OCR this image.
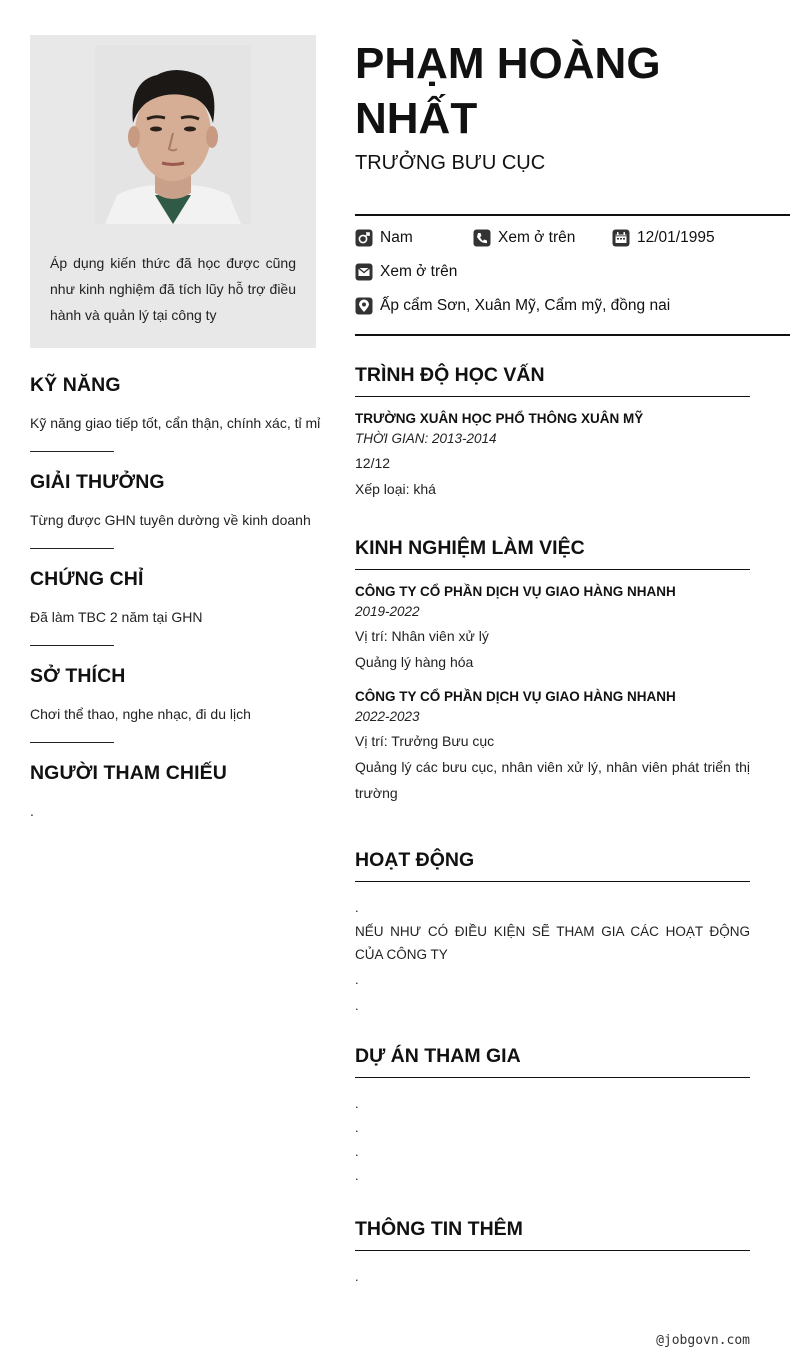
Áp dụng kiến thức đã học được cũng như kinh nghiệm đã tích lũy hỗ trợ điều hành và quản lý tại công ty
KỸ NĂNG
Kỹ năng giao tiếp tốt, cẩn thận, chính xác, tỉ mỉ
GIẢI THƯỞNG
Từng được GHN tuyên dường về kinh doanh
CHỨNG CHỈ
Đã làm TBC 2 năm tại GHN
SỞ THÍCH
Chơi thể thao, nghe nhạc, đi du lịch
NGƯỜI THAM CHIẾU
.
PHẠM HOÀNG NHẤT
TRƯỞNG BƯU CỤC
Nam	Xem ở trên	12/01/1995
Xem ở trên
Ấp cẩm Sơn, Xuân Mỹ, Cẩm mỹ, đồng nai
TRÌNH ĐỘ HỌC VẤN
TRƯỜNG XUÂN HỌC PHỔ THÔNG XUÂN MỸ
THỜI GIAN: 2013-2014
12/12
Xếp loại: khá
KINH NGHIỆM LÀM VIỆC
CÔNG TY CỔ PHẦN DỊCH VỤ GIAO HÀNG NHANH
2019-2022
Vị trí: Nhân viên xử lý
Quảng lý hàng hóa
CÔNG TY CỔ PHẦN DỊCH VỤ GIAO HÀNG NHANH
2022-2023
Vị trí: Trưởng Bưu cục
Quảng lý các bưu cục, nhân viên xử lý, nhân viên phát triển thị trường
HOẠT ĐỘNG
.
NẾU NHƯ CÓ ĐIỀU KIỆN SẼ THAM GIA CÁC HOẠT ĐỘNG CỦA CÔNG TY
.
.
DỰ ÁN THAM GIA
.
.
.
.
THÔNG TIN THÊM
.
@jobgovn.com
